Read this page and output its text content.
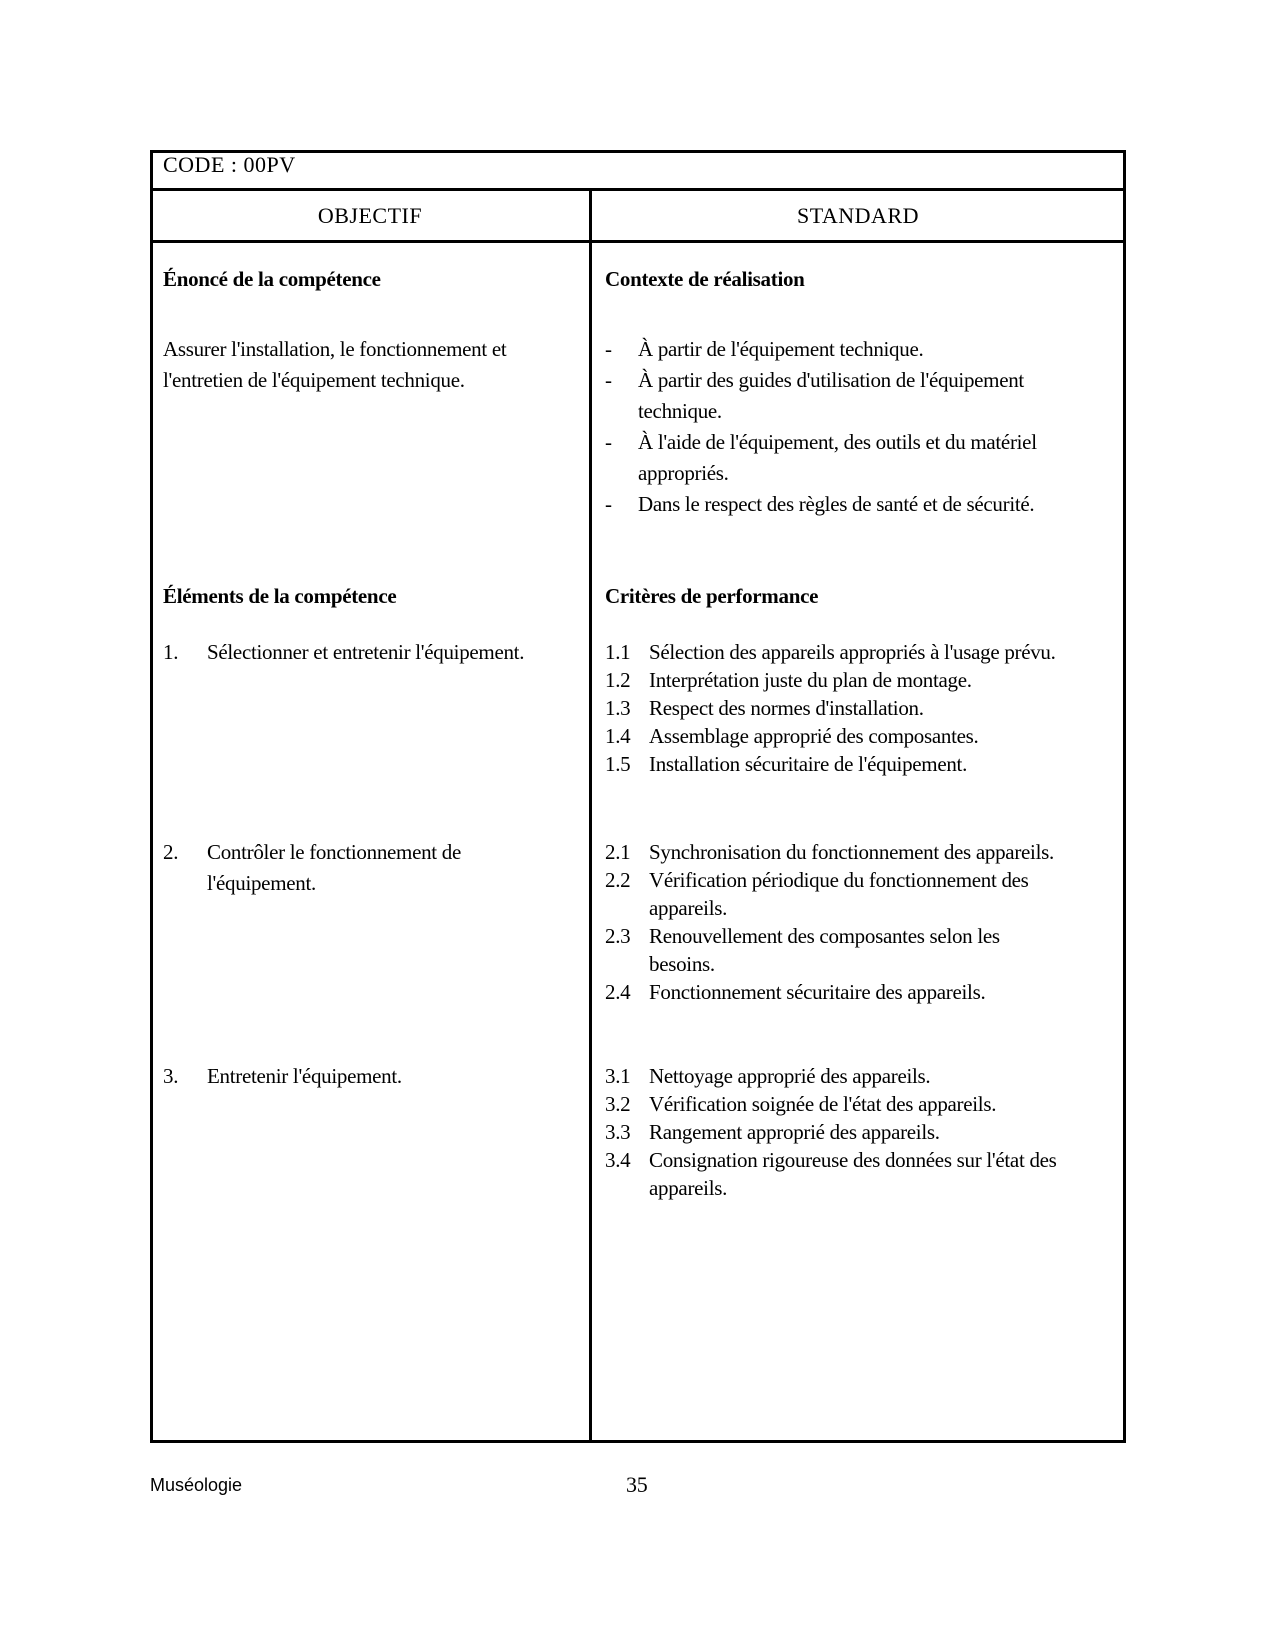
CODE : 00PV
OBJECTIF	STANDARD
Énoncé de la compétence
Assurer l'installation, le fonctionnement et
l'entretien de l'équipement technique.
Éléments de la compétence
1. Sélectionner et entretenir l'équipement.
2. Contrôler le fonctionnement de
l'équipement.
3. Entretenir l'équipement.
Contexte de réalisation
- À partir de l'équipement technique.
- À partir des guides d'utilisation de l'équipement
technique.
- À l'aide de l'équipement, des outils et du matériel
appropriés.
- Dans le respect des règles de santé et de sécurité.
Critères de performance
1.1 Sélection des appareils appropriés à l'usage prévu.
1.2 Interprétation juste du plan de montage.
1.3 Respect des normes d'installation.
1.4 Assemblage approprié des composantes.
1.5 Installation sécuritaire de l'équipement.
2.1 Synchronisation du fonctionnement des appareils.
2.2 Vérification périodique du fonctionnement des
appareils.
2.3 Renouvellement des composantes selon les
besoins.
2.4 Fonctionnement sécuritaire des appareils.
3.1 Nettoyage approprié des appareils.
3.2 Vérification soignée de l'état des appareils.
3.3 Rangement approprié des appareils.
3.4 Consignation rigoureuse des données sur l'état des
appareils.
Muséologie	35
